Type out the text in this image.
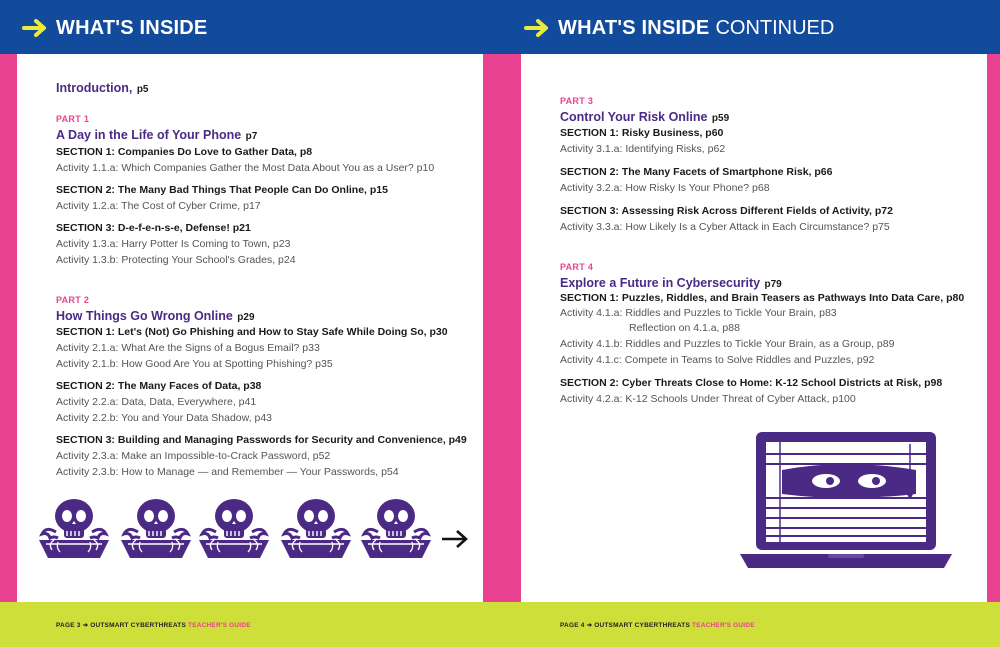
WHAT'S INSIDE
Introduction, p5
PART 1
A Day in the Life of Your Phone p7
SECTION 1: Companies Do Love to Gather Data, p8
Activity 1.1.a: Which Companies Gather the Most Data About You as a User? p10
SECTION 2: The Many Bad Things That People Can Do Online, p15
Activity 1.2.a: The Cost of Cyber Crime, p17
SECTION 3: D-e-f-e-n-s-e, Defense! p21
Activity 1.3.a: Harry Potter Is Coming to Town, p23
Activity 1.3.b: Protecting Your School's Grades, p24
PART 2
How Things Go Wrong Online p29
SECTION 1: Let's (Not) Go Phishing and How to Stay Safe While Doing So, p30
Activity 2.1.a: What Are the Signs of a Bogus Email? p33
Activity 2.1.b: How Good Are You at Spotting Phishing? p35
SECTION 2: The Many Faces of Data, p38
Activity 2.2.a: Data, Data, Everywhere, p41
Activity 2.2.b: You and Your Data Shadow, p43
SECTION 3: Building and Managing Passwords for Security and Convenience, p49
Activity 2.3.a: Make an Impossible-to-Crack Password, p52
Activity 2.3.b: How to Manage — and Remember — Your Passwords, p54
PAGE 3 ➜ OUTSMART CYBERTHREATS TEACHER'S GUIDE
WHAT'S INSIDE CONTINUED
PART 3
Control Your Risk Online p59
SECTION 1: Risky Business, p60
Activity 3.1.a: Identifying Risks, p62
SECTION 2: The Many Facets of Smartphone Risk, p66
Activity 3.2.a: How Risky Is Your Phone? p68
SECTION 3: Assessing Risk Across Different Fields of Activity, p72
Activity 3.3.a: How Likely Is a Cyber Attack in Each Circumstance? p75
PART 4
Explore a Future in Cybersecurity p79
SECTION 1: Puzzles, Riddles, and Brain Teasers as Pathways Into Data Care, p80
Activity 4.1.a: Riddles and Puzzles to Tickle Your Brain, p83
Reflection on 4.1.a, p88
Activity 4.1.b: Riddles and Puzzles to Tickle Your Brain, as a Group, p89
Activity 4.1.c: Compete in Teams to Solve Riddles and Puzzles, p92
SECTION 2: Cyber Threats Close to Home: K-12 School Districts at Risk, p98
Activity 4.2.a: K-12 Schools Under Threat of Cyber Attack, p100
PAGE 4 ➜ OUTSMART CYBERTHREATS TEACHER'S GUIDE
